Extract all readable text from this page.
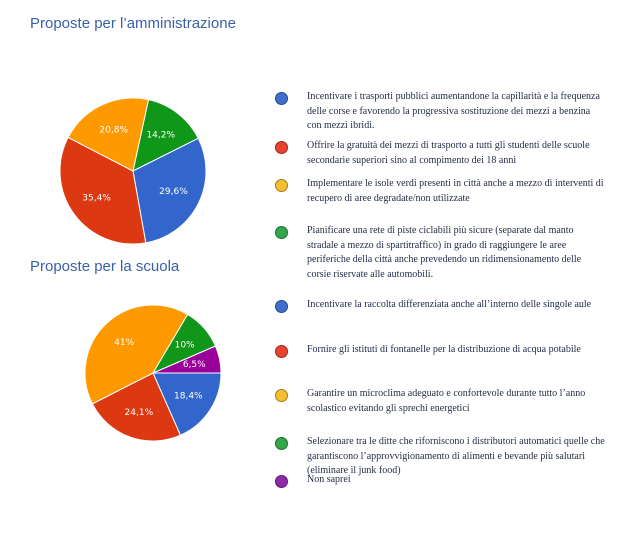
Proposte per l’amministrazione
Proposte per la scuola
14,2%
29,6%
35,4%
20,8%
6,5%
18,4%
24,1%
41%	10%
Incentivare i trasporti pubblici aumentandone la capillarità e la frequenza delle corse e favorendo la progressiva sostituzione dei mezzi a benzina con mezzi ibridi.
Offrire la gratuità dei mezzi di trasporto a tutti gli studenti delle scuole secondarie superiori sino al compimento dei 18 anni
Implementare le isole verdi presenti in città anche a mezzo di interventi di recupero di aree degradate/non utilizzate
Pianificare una rete di piste ciclabili più sicure (separate dal manto stradale a mezzo di spartitraffico) in grado di raggiungere le aree periferiche della città anche prevedendo un ridimensionamento delle corsie riservate alle automobili.
Incentivare la raccolta differenziata anche all’interno delle singole aule
Fornire gli istituti di fontanelle per la distribuzione di acqua potabile
Garantire un microclima adeguato e confortevole durante tutto l’anno scolastico evitando gli sprechi energetici
Selezionare tra le ditte che riforniscono i distributori automatici quelle che garantiscono l’approvvigionamento di alimenti e bevande più salutari (eliminare il junk food)
Non saprei
